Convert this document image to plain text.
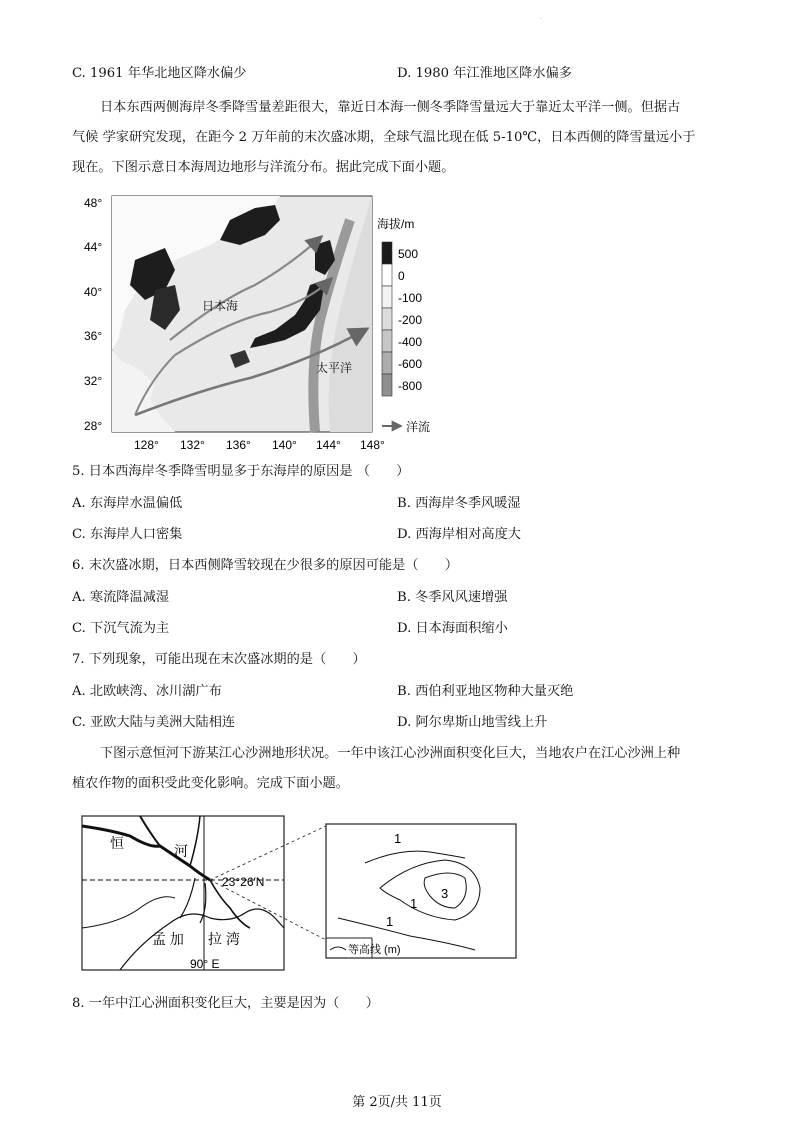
.
C. 1961 年华北地区降水偏少	D. 1980 年江淮地区降水偏多
日本东西两侧海岸冬季降雪量差距很大，靠近日本海一侧冬季降雪量远大于靠近太平洋一侧。但据古
气候 学家研究发现，在距今 2 万年前的末次盛冰期，全球气温比现在低 5-10℃，日本西侧的降雪量远小于
现在。下图示意日本海周边地形与洋流分布。据此完成下面小题。
日本海
太平洋
48°
44°
40°
36°
32°
28°
128° 132° 136° 140° 144° 148°
海拔/m
500
0
-100
-200
-400
-600
-800
洋流
5. 日本西海岸冬季降雪明显多于东海岸的原因是 （　　）
A. 东海岸水温偏低	B. 西海岸冬季风暖湿
C. 东海岸人口密集	D. 西海岸相对高度大
6. 末次盛冰期，日本西侧降雪较现在少很多的原因可能是（　　）
A. 寒流降温减湿	B. 冬季风风速增强
C. 下沉气流为主	D. 日本海面积缩小
7. 下列现象，可能出现在末次盛冰期的是（　　）
A. 北欧峡湾、冰川湖广布	B. 西伯利亚地区物种大量灭绝
C. 亚欧大陆与美洲大陆相连	D. 阿尔卑斯山地雪线上升
下图示意恒河下游某江心沙洲地形状况。一年中该江心沙洲面积变化巨大，当地农户在江心沙洲上种
植农作物的面积受此变化影响。完成下面小题。
恒	河
23°26′N
孟 加 拉 湾
90° E
1
1
1
3
等高线 (m)
8. 一年中江心洲面积变化巨大，主要是因为（　　）
第 2页/共 11页
